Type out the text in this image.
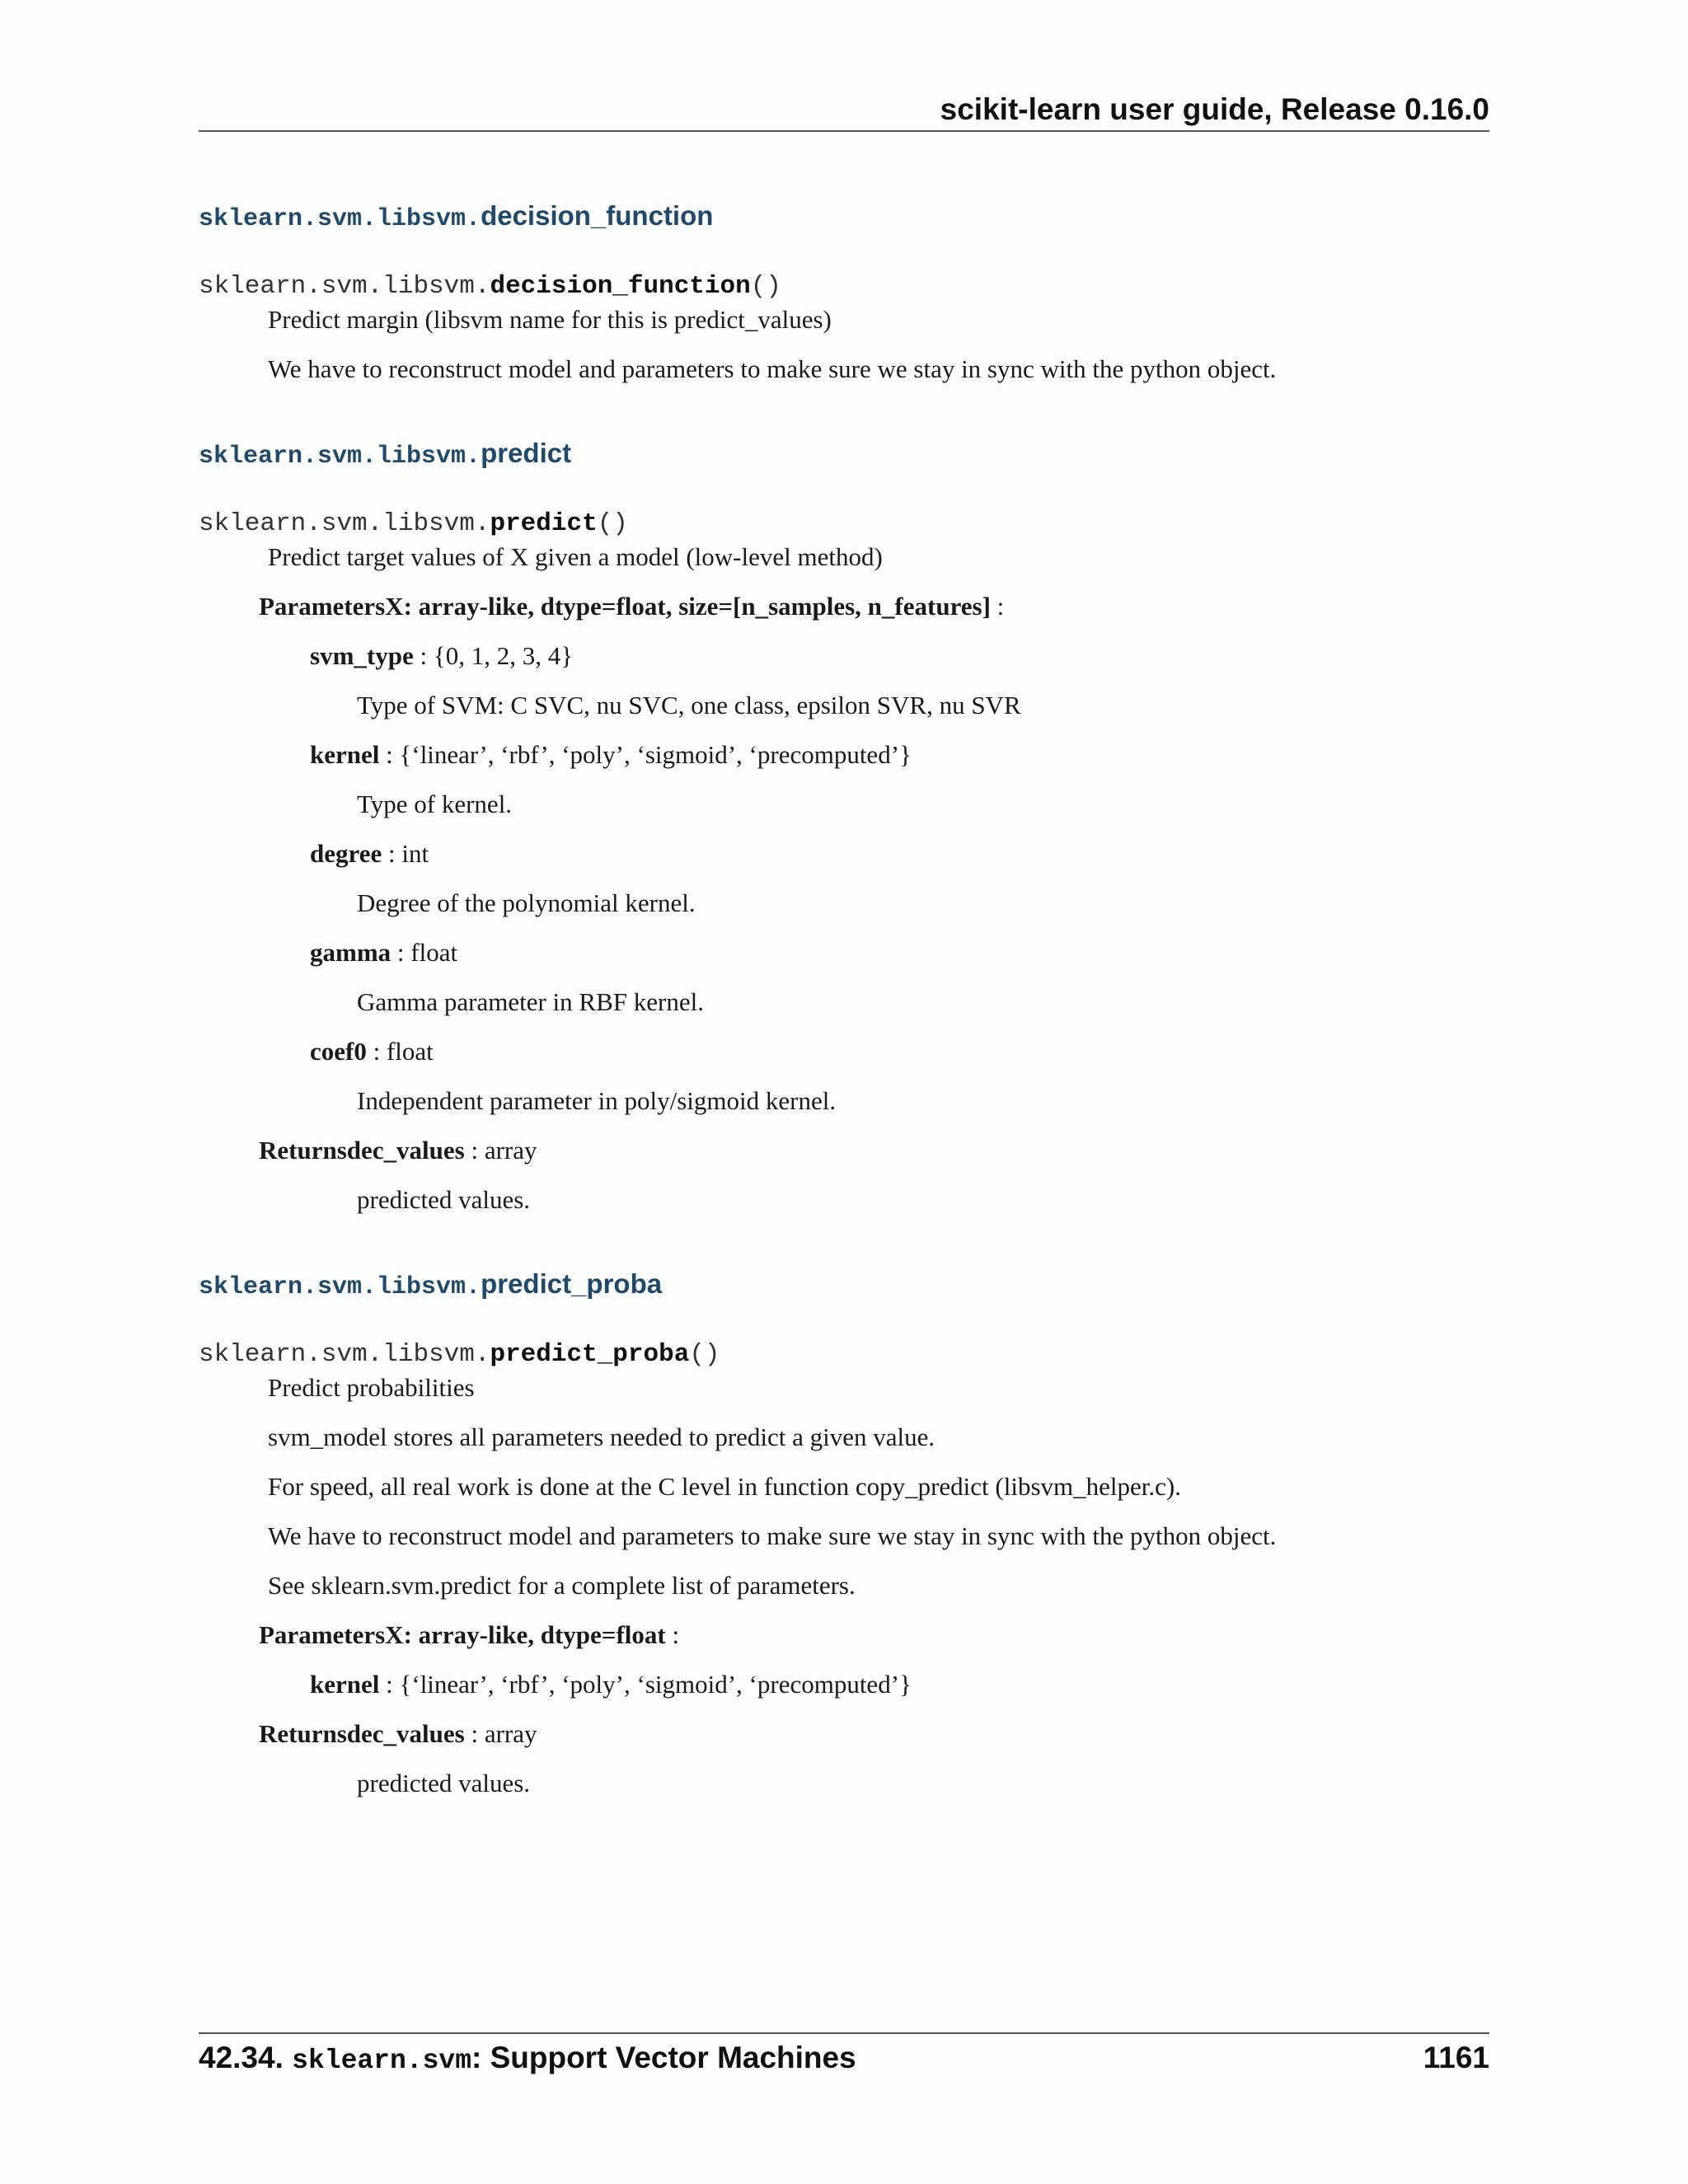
scikit-learn user guide, Release 0.16.0
sklearn.svm.libsvm.decision_function
sklearn.svm.libsvm.decision_function()

Predict margin (libsvm name for this is predict_values)

We have to reconstruct model and parameters to make sure we stay in sync with the python object.

sklearn.svm.libsvm.predict
sklearn.svm.libsvm.predict()

Predict target values of X given a model (low-level method)

ParametersX: array-like, dtype=float, size=[n_samples, n_features] :
svm_type : {0, 1, 2, 3, 4}
Type of SVM: C SVC, nu SVC, one class, epsilon SVR, nu SVR
kernel : {‘linear’, ‘rbf’, ‘poly’, ‘sigmoid’, ‘precomputed’}
Type of kernel.
degree : int
Degree of the polynomial kernel.
gamma : float
Gamma parameter in RBF kernel.
coef0 : float
Independent parameter in poly/sigmoid kernel.
Returnsdec_values : array
predicted values.
sklearn.svm.libsvm.predict_proba
sklearn.svm.libsvm.predict_proba()

Predict probabilities

svm_model stores all parameters needed to predict a given value.

For speed, all real work is done at the C level in function copy_predict (libsvm_helper.c).

We have to reconstruct model and parameters to make sure we stay in sync with the python object.

See sklearn.svm.predict for a complete list of parameters.

ParametersX: array-like, dtype=float :
kernel : {‘linear’, ‘rbf’, ‘poly’, ‘sigmoid’, ‘precomputed’}
Returnsdec_values : array
predicted values.
42.34. sklearn.svm: Support Vector Machines	1161
